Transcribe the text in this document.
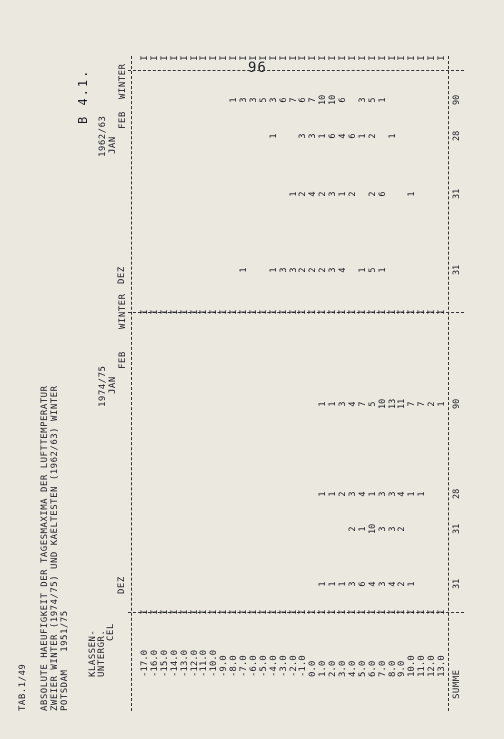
96
TAB.1/49
B 4.1.
ABSOLUTE HAEUFIGKEIT DER TAGESMAXIMA DER LUFTTEMPERATUR ZWEIER WINTER (1974/75) UND KAELTESTEN (1962/63) WINTER POTSDAM   1951/75 KLASSEN- UNTERGR. CEL
1974/75
DEZ
JAN
FEB
WINTER
1962/63
DEZ
JAN
FEB
WINTER
SUMME
-17.0
I
I
I
-16.0
I
I
I
-15.0
I
I
I
-14.0
I
I
I
-13.0
I
I
I
-12.0
I
I
I
-11.0
I
I
I
-10.0
I
I
I
-9.0
I
I
I
-8.0
I
I
I
1
-7.0
I
I
I
1
3
-6.0
I
I
I
3
-5.0
I
I
I
5
-4.0
I
I
I
1
1
3
-3.0
I
I
I
3
6
-2.0
I
I
I
3
1
7
-1.0
I
I
I
2
2
3
6
0.0
I
I
I
2
4
3
7
1.0
I
I
I
1
1
1
2
2
1
10
2.0
I
I
I
1
1
1
3
3
6
10
3.0
I
I
I
1
2
3
4
1
4
6
4.0
I
I
I
3
2
3
4
2
6
5.0
I
I
I
6
1
4
7
1
1
3
6.0
I
I
I
4
10
1
5
5
2
2
5
7.0
I
I
I
3
3
3
10
1
6
1
8.0
I
I
I
4
3
3
13
1
9.0
I
I
I
2
2
4
11
10.0
I
I
I
1
1
7
1
11.0
I
I
I
1
7
12.0
I
I
I
2
13.0
I
I
I
1
31
31
28
90
31
31
28
90
